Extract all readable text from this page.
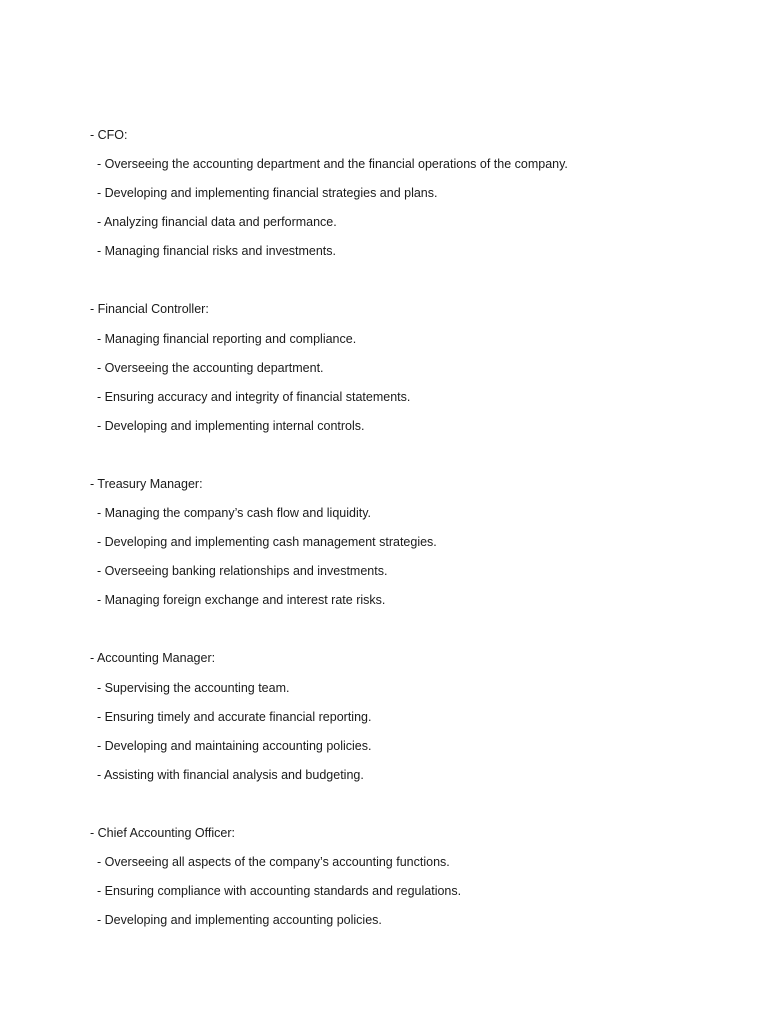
- CFO:
- Overseeing the accounting department and the financial operations of the company.
- Developing and implementing financial strategies and plans.
- Analyzing financial data and performance.
- Managing financial risks and investments.
- Financial Controller:
- Managing financial reporting and compliance.
- Overseeing the accounting department.
- Ensuring accuracy and integrity of financial statements.
- Developing and implementing internal controls.
- Treasury Manager:
- Managing the company’s cash flow and liquidity.
- Developing and implementing cash management strategies.
- Overseeing banking relationships and investments.
- Managing foreign exchange and interest rate risks.
- Accounting Manager:
- Supervising the accounting team.
- Ensuring timely and accurate financial reporting.
- Developing and maintaining accounting policies.
- Assisting with financial analysis and budgeting.
- Chief Accounting Officer:
- Overseeing all aspects of the company’s accounting functions.
- Ensuring compliance with accounting standards and regulations.
- Developing and implementing accounting policies.
